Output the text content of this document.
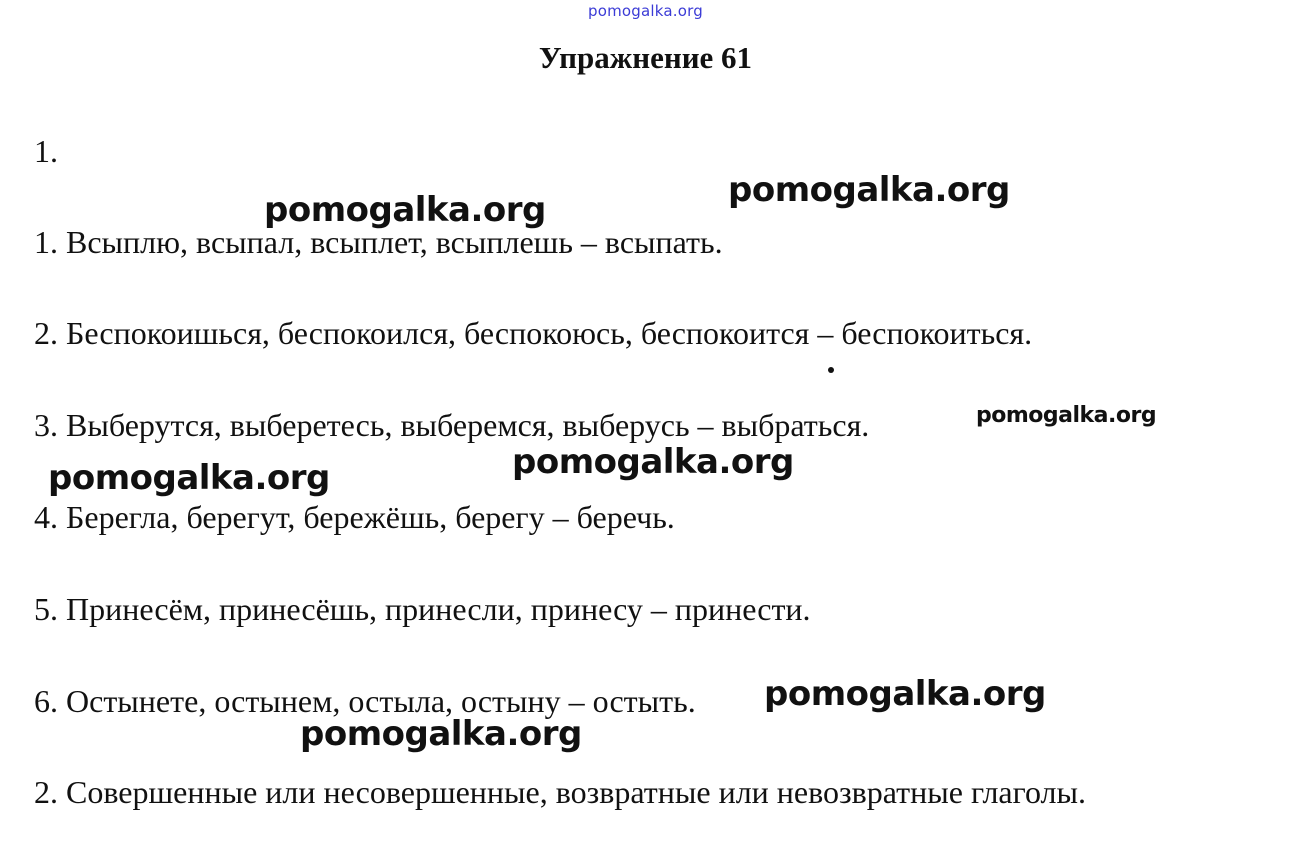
pomogalka.org
Упражнение 61
1.
1. Всыплю, всыпал, всыплет, всыплешь – всыпать.
2. Беспокоишься, беспокоился, беспокоюсь, беспокоится – беспокоиться.
3. Выберутся, выберетесь, выберемся, выберусь – выбраться.
4. Берегла, берегут, бережёшь, берегу – беречь.
5. Принесём, принесёшь, принесли, принесу – принести.
6. Остынете, остынем, остыла, остыну – остыть.
2. Совершенные или несовершенные, возвратные или невозвратные глаголы.
pomogalka.org	pomogalka.org
pomogalka.org
pomogalka.org
pomogalka.org
pomogalka.org
pomogalka.org
